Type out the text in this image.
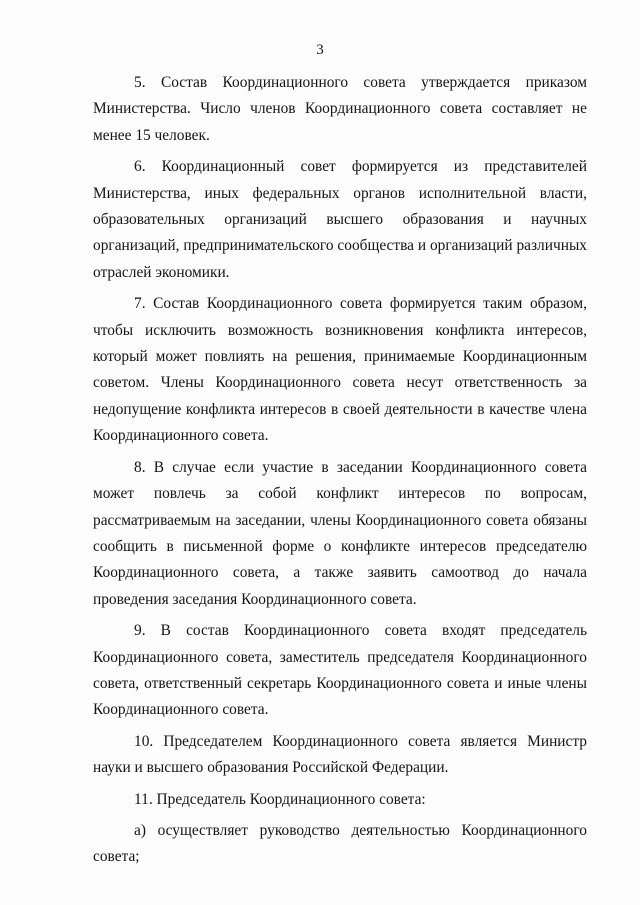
3

5. Состав Координационного совета утверждается приказом Министерства. Число членов Координационного совета составляет не менее 15 человек.

6. Координационный совет формируется из представителей Министерства, иных федеральных органов исполнительной власти, образовательных организаций высшего образования и научных организаций, предпринимательского сообщества и организаций различных отраслей экономики.

7. Состав Координационного совета формируется таким образом, чтобы исключить возможность возникновения конфликта интересов, который может повлиять на решения, принимаемые Координационным советом. Члены Координационного совета несут ответственность за недопущение конфликта интересов в своей деятельности в качестве члена Координационного совета.

8. В случае если участие в заседании Координационного совета может повлечь за собой конфликт интересов по вопросам, рассматриваемым на заседании, члены Координационного совета обязаны сообщить в письменной форме о конфликте интересов председателю Координационного совета, а также заявить самоотвод до начала проведения заседания Координационного совета.

9. В состав Координационного совета входят председатель Координационного совета, заместитель председателя Координационного совета, ответственный секретарь Координационного совета и иные члены Координационного совета.

10. Председателем Координационного совета является Министр науки и высшего образования Российской Федерации.

11. Председатель Координационного совета:

а) осуществляет руководство деятельностью Координационного совета;
